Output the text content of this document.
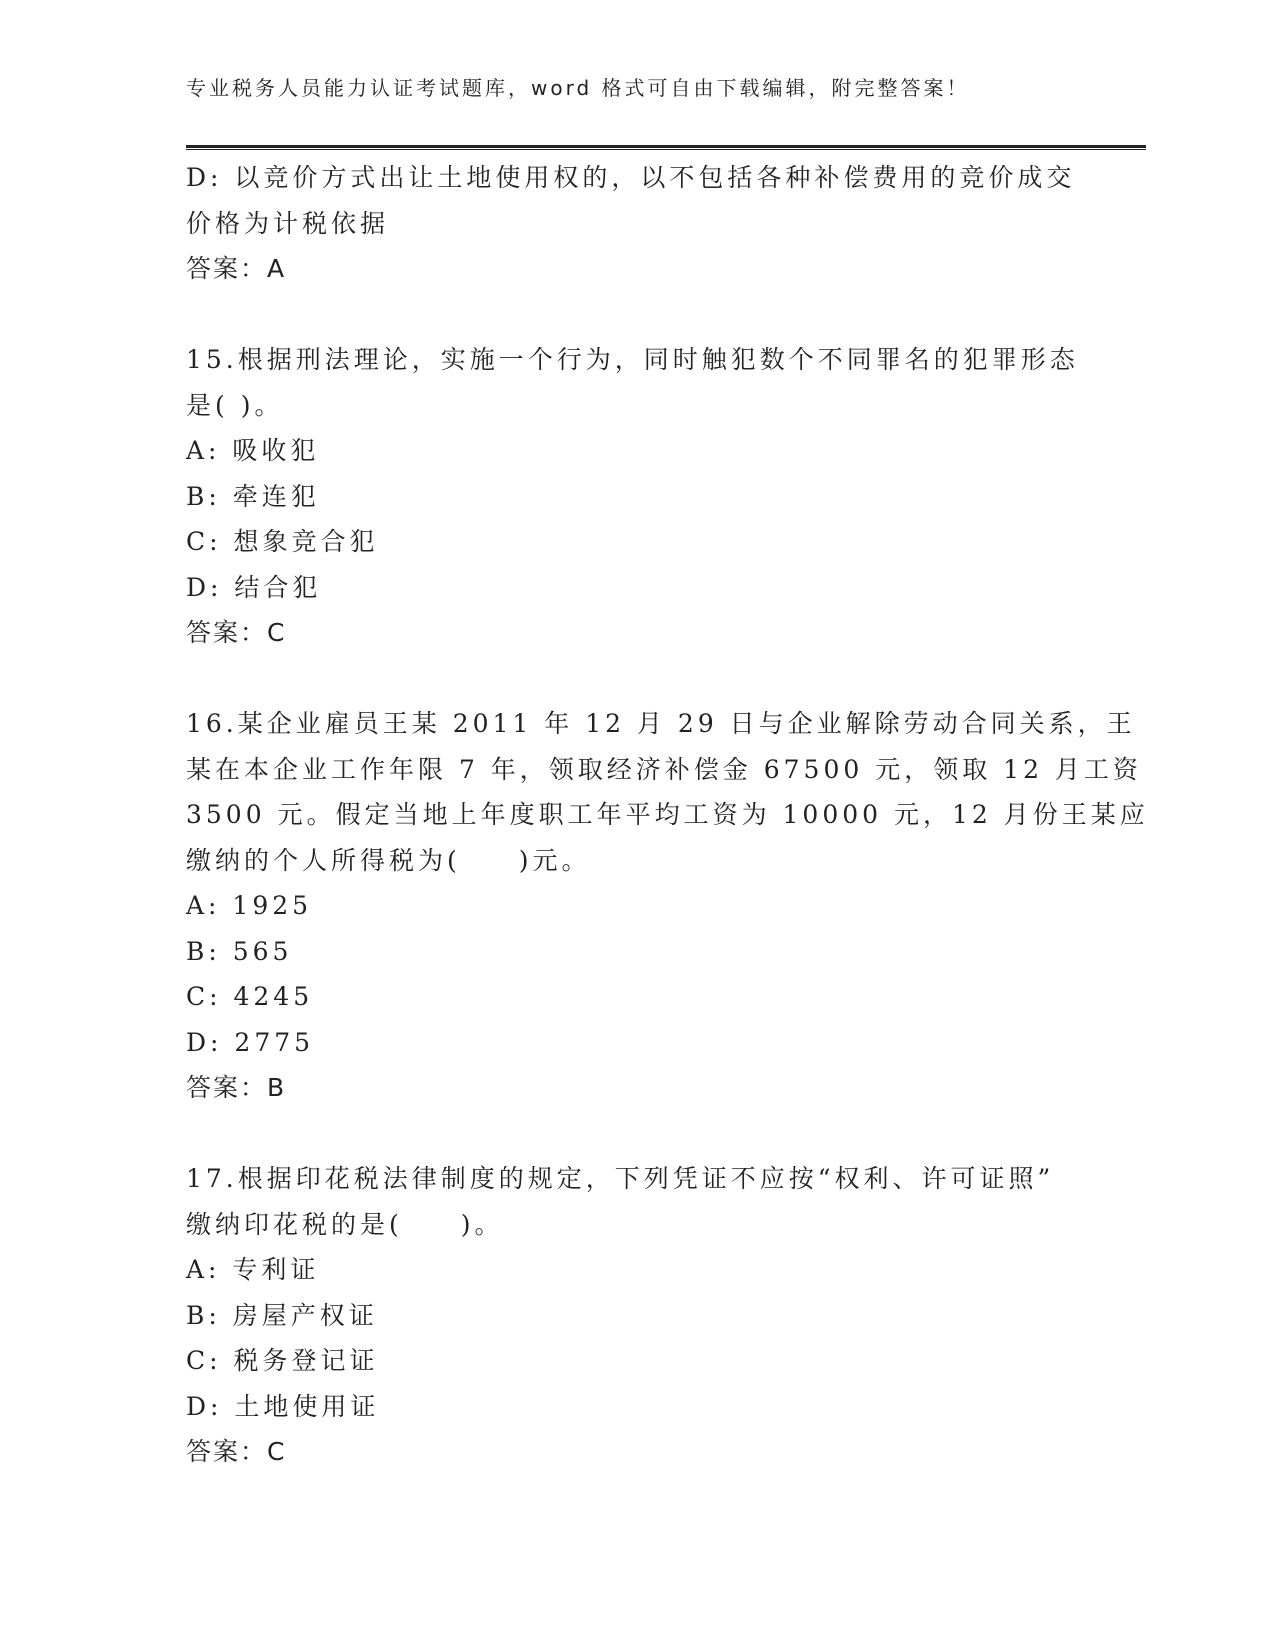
专业税务人员能力认证考试题库，word 格式可自由下载编辑，附完整答案！
D: 以竞价方式出让土地使用权的，以不包括各种补偿费用的竞价成交
价格为计税依据
答案：A
15.根据刑法理论，实施一个行为，同时触犯数个不同罪名的犯罪形态
是( )。
A: 吸收犯
B: 牵连犯
C: 想象竞合犯
D: 结合犯
答案：C
16.某企业雇员王某 2011 年 12 月 29 日与企业解除劳动合同关系，王
某在本企业工作年限 7 年，领取经济补偿金 67500 元，领取 12 月工资
3500 元。假定当地上年度职工年平均工资为 10000 元，12 月份王某应
缴纳的个人所得税为(　　)元。
A: 1925
B: 565
C: 4245
D: 2775
答案：B
17.根据印花税法律制度的规定，下列凭证不应按“权利、许可证照”
缴纳印花税的是(　　)。
A: 专利证
B: 房屋产权证
C: 税务登记证
D: 土地使用证
答案：C
